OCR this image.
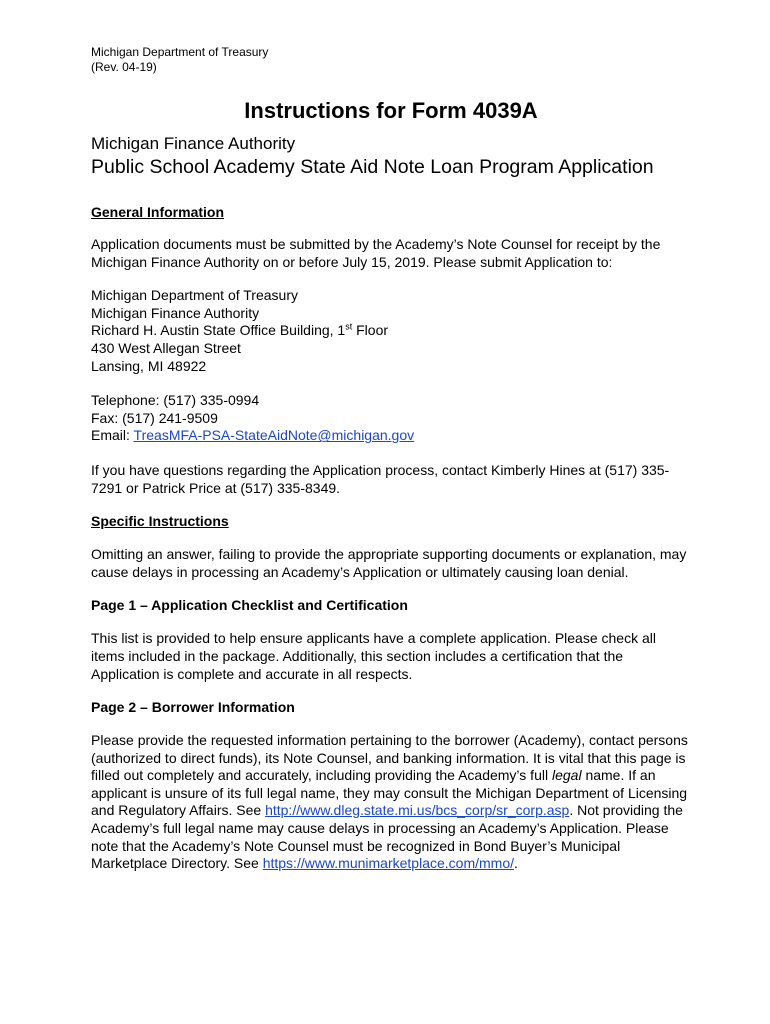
Michigan Department of Treasury

(Rev. 04-19)

Instructions for Form 4039A

Michigan Finance Authority

Public School Academy State Aid Note Loan Program Application

General Information

Application documents must be submitted by the Academy’s Note Counsel for receipt by the Michigan Finance Authority on or before July 15, 2019. Please submit Application to:

Michigan Department of Treasury

Michigan Finance Authority

Richard H. Austin State Office Building, 1st Floor

430 West Allegan Street

Lansing, MI 48922

Telephone: (517) 335-0994

Fax: (517) 241-9509

Email: TreasMFA-PSA-StateAidNote@michigan.gov

If you have questions regarding the Application process, contact Kimberly Hines at (517) 335-7291 or Patrick Price at (517) 335-8349.

Specific Instructions

Omitting an answer, failing to provide the appropriate supporting documents or explanation, may cause delays in processing an Academy’s Application or ultimately causing loan denial.

Page 1 – Application Checklist and Certification

This list is provided to help ensure applicants have a complete application. Please check all items included in the package. Additionally, this section includes a certification that the Application is complete and accurate in all respects.

Page 2 – Borrower Information

Please provide the requested information pertaining to the borrower (Academy), contact persons (authorized to direct funds), its Note Counsel, and banking information. It is vital that this page is filled out completely and accurately, including providing the Academy’s full legal name. If an applicant is unsure of its full legal name, they may consult the Michigan Department of Licensing and Regulatory Affairs. See http://www.dleg.state.mi.us/bcs_corp/sr_corp.asp. Not providing the Academy’s full legal name may cause delays in processing an Academy’s Application. Please note that the Academy’s Note Counsel must be recognized in Bond Buyer’s Municipal Marketplace Directory. See https://www.munimarketplace.com/mmo/.
